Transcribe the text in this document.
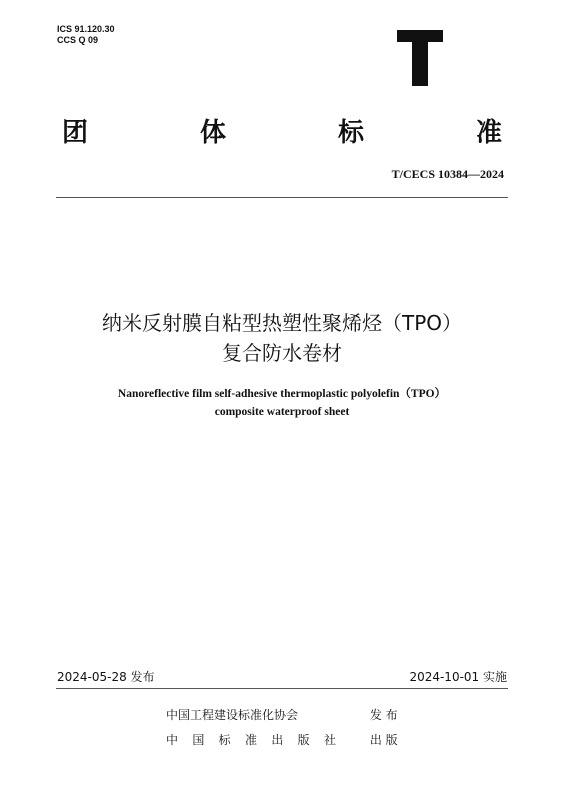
ICS 91.120.30
CCS Q 09
团	体	标	准
T/CECS 10384—2024
纳米反射膜自粘型热塑性聚烯烃（TPO）
复合防水卷材
Nanoreflective film self-adhesive thermoplastic polyolefin（TPO）
composite waterproof sheet
2024-05-28 发布	2024-10-01 实施
中国工程建设标准化协会	发 布
中 国 标 准 出 版 社	出 版
